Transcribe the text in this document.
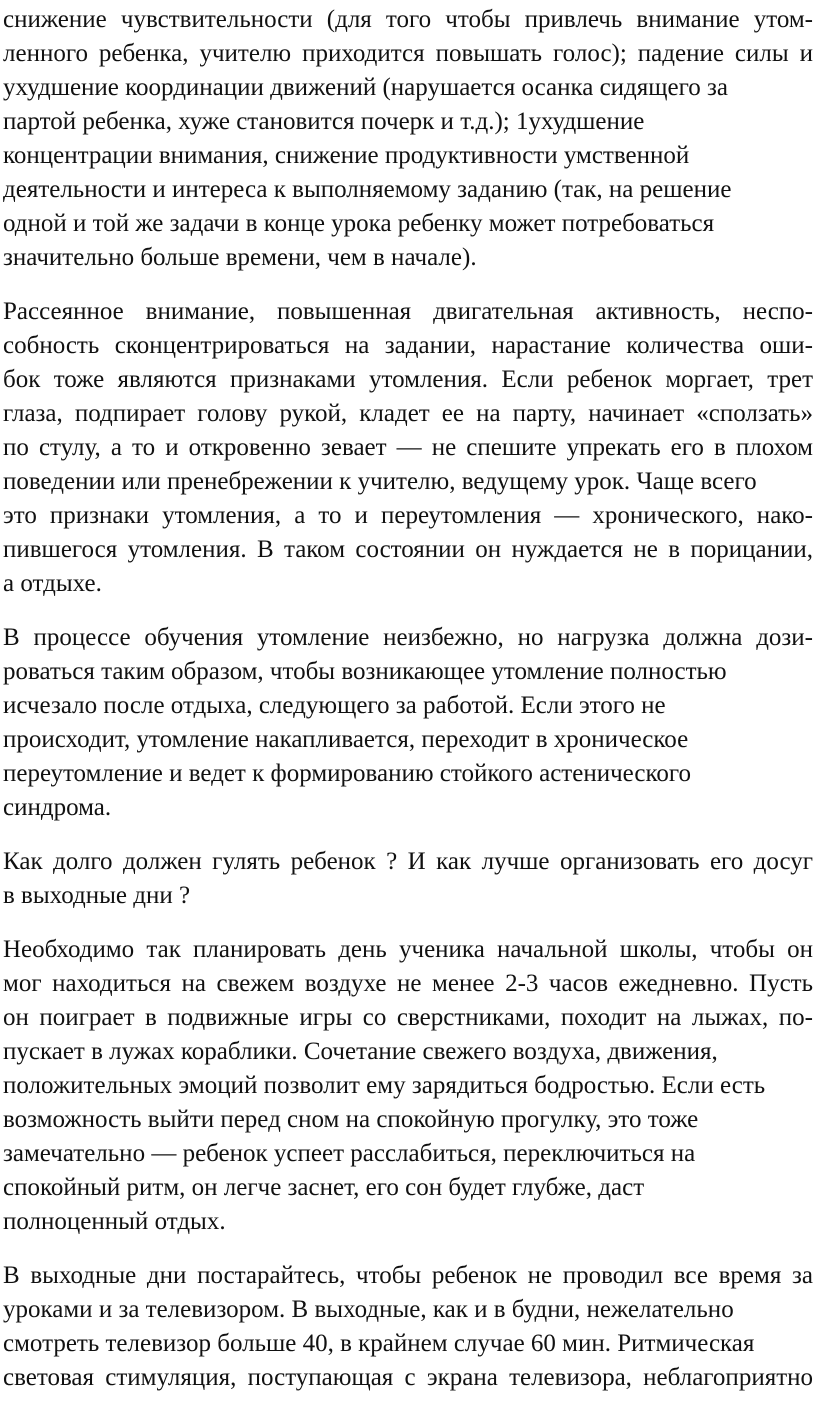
снижение чувствительности (для того чтобы привлечь внимание утом-
ленного ребенка, учителю приходится повышать голос); падение силы и
ухудшение координации движений (нарушается осанка сидящего за
партой ребенка, хуже становится почерк и т.д.); 1ухудшение
концентрации внимания, снижение продуктивности умственной
деятельности и интереса к выполняемому заданию (так, на решение
одной и той же задачи в конце урока ребенку может потребоваться
значительно больше времени, чем в начале).
Рассеянное внимание, повышенная двигательная активность, неспо-
собность сконцентрироваться на задании, нарастание количества оши-
бок тоже являются признаками утомления. Если ребенок моргает, трет
глаза, подпирает голову рукой, кладет ее на парту, начинает «сползать»
по стулу, а то и откровенно зевает — не спешите упрекать его в плохом
поведении или пренебрежении к учителю, ведущему урок. Чаще всего
это признаки утомления, а то и переутомления — хронического, нако-
пившегося утомления. В таком состоянии он нуждается не в порицании,
а отдыхе.
В процессе обучения утомление неизбежно, но нагрузка должна дози-
роваться таким образом, чтобы возникающее утомление полностью
исчезало после отдыха, следующего за работой. Если этого не
происходит, утомление накапливается, переходит в хроническое
переутомление и ведет к формированию стойкого астенического
синдрома.
Как долго должен гулять ребенок ? И как лучше организовать его досуг
в выходные дни ?
Необходимо так планировать день ученика начальной школы, чтобы он
мог находиться на свежем воздухе не менее 2-3 часов ежедневно. Пусть
он поиграет в подвижные игры со сверстниками, походит на лыжах, по-
пускает в лужах кораблики. Сочетание свежего воздуха, движения,
положительных эмоций позволит ему зарядиться бодростью. Если есть
возможность выйти перед сном на спокойную прогулку, это тоже
замечательно — ребенок успеет расслабиться, переключиться на
спокойный ритм, он легче заснет, его сон будет глубже, даст
полноценный отдых.
В выходные дни постарайтесь, чтобы ребенок не проводил все время за
уроками и за телевизором. В выходные, как и в будни, нежелательно
смотреть телевизор больше 40, в крайнем случае 60 мин. Ритмическая
световая стимуляция, поступающая с экрана телевизора, неблагоприятно
